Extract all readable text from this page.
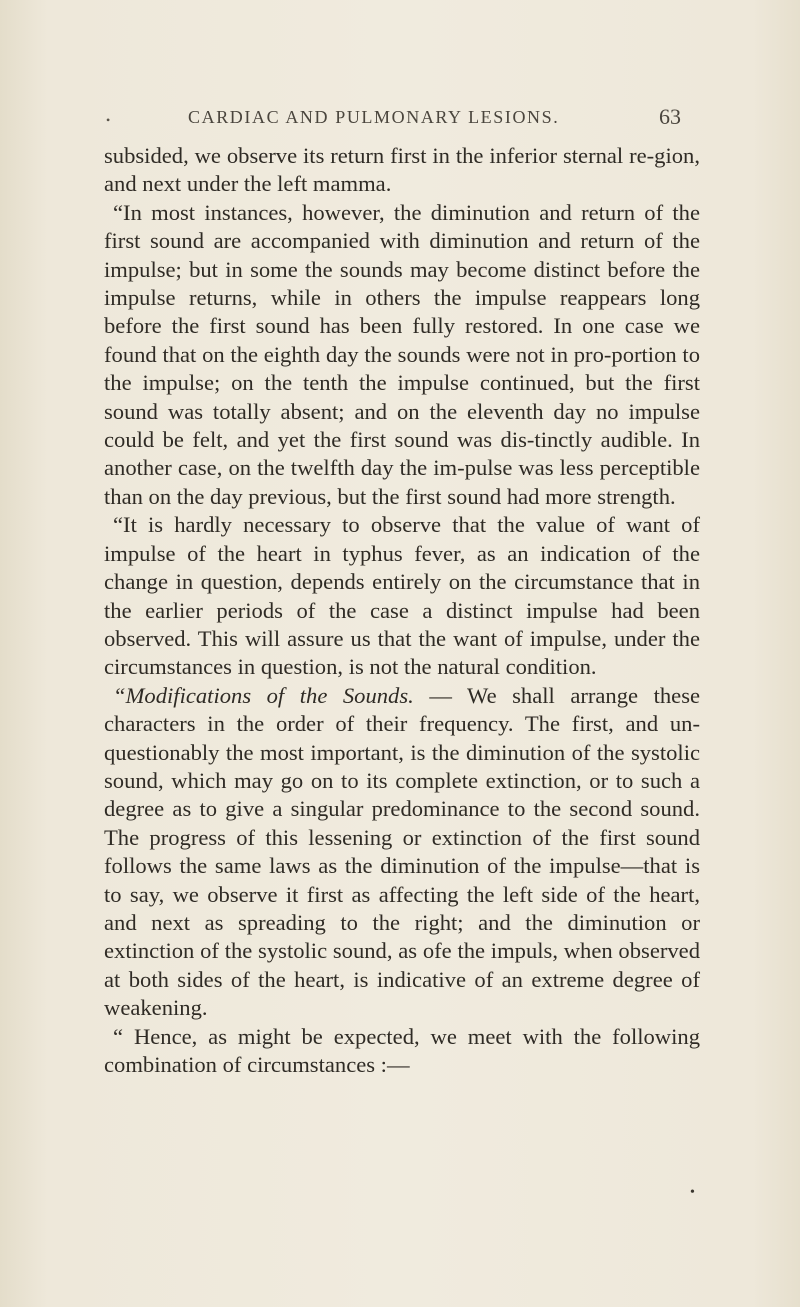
•	CARDIAC AND PULMONARY LESIONS.	63

subsided, we observe its return first in the inferior sternal re-gion, and next under the left mamma.

“In most instances, however, the diminution and return of the first sound are accompanied with diminution and return of the impulse; but in some the sounds may become distinct before the impulse returns, while in others the impulse reappears long before the first sound has been fully restored. In one case we found that on the eighth day the sounds were not in pro-portion to the impulse; on the tenth the impulse continued, but the first sound was totally absent; and on the eleventh day no impulse could be felt, and yet the first sound was dis-tinctly audible. In another case, on the twelfth day the im-pulse was less perceptible than on the day previous, but the first sound had more strength.

“It is hardly necessary to observe that the value of want of impulse of the heart in typhus fever, as an indication of the change in question, depends entirely on the circumstance that in the earlier periods of the case a distinct impulse had been observed. This will assure us that the want of impulse, under the circumstances in question, is not the natural condition.

“Modifications of the Sounds. — We shall arrange these characters in the order of their frequency. The first, and un-questionably the most important, is the diminution of the systolic sound, which may go on to its complete extinction, or to such a degree as to give a singular predominance to the second sound. The progress of this lessening or extinction of the first sound follows the same laws as the diminution of the impulse—that is to say, we observe it first as affecting the left side of the heart, and next as spreading to the right; and the diminution or extinction of the systolic sound, as ofe the impuls, when observed at both sides of the heart, is indicative of an extreme degree of weakening.

“ Hence, as might be expected, we meet with the following combination of circumstances :—

•
